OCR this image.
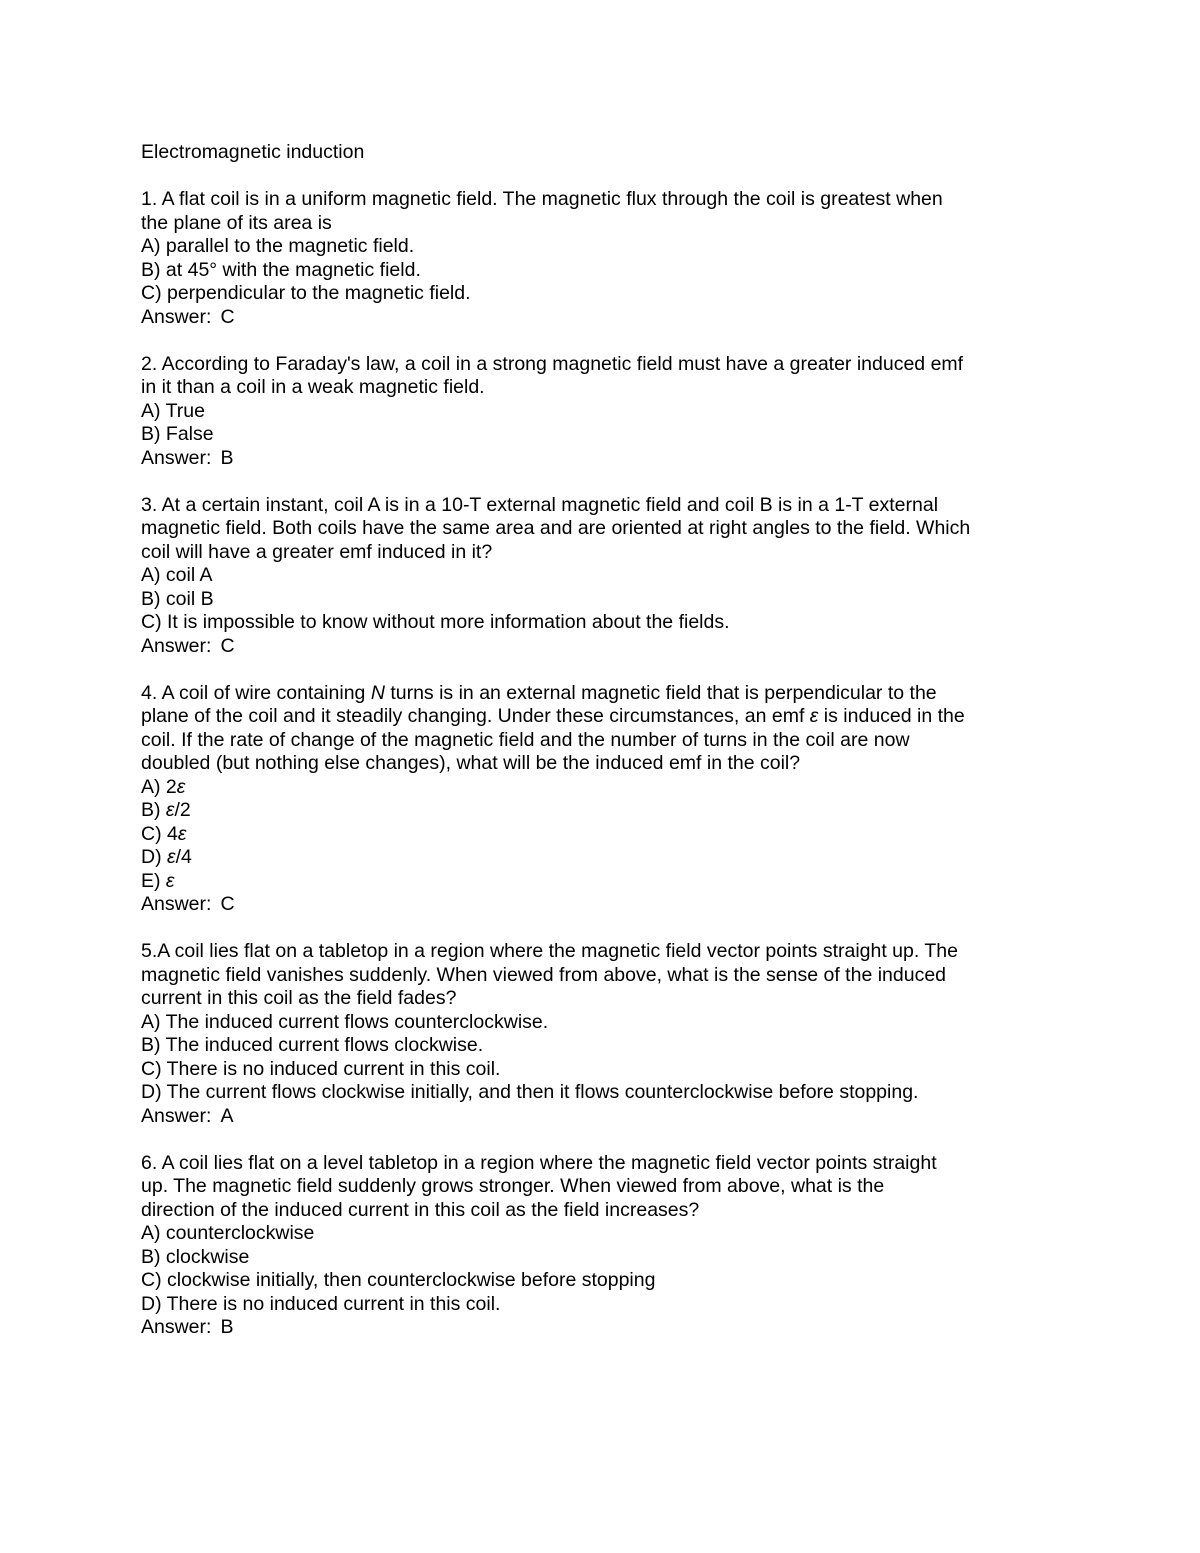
Electromagnetic induction
1. A flat coil is in a uniform magnetic field. The magnetic flux through the coil is greatest when
the plane of its area is
A) parallel to the magnetic field.
B) at 45° with the magnetic field.
C) perpendicular to the magnetic field.
Answer: C
2. According to Faraday's law, a coil in a strong magnetic field must have a greater induced emf
in it than a coil in a weak magnetic field.
A) True
B) False
Answer: B
3. At a certain instant, coil A is in a 10-T external magnetic field and coil B is in a 1-T external
magnetic field. Both coils have the same area and are oriented at right angles to the field. Which
coil will have a greater emf induced in it?
A) coil A
B) coil B
C) It is impossible to know without more information about the fields.
Answer: C
4. A coil of wire containing N turns is in an external magnetic field that is perpendicular to the
plane of the coil and it steadily changing. Under these circumstances, an emf ε is induced in the
coil. If the rate of change of the magnetic field and the number of turns in the coil are now
doubled (but nothing else changes), what will be the induced emf in the coil?
A) 2ε
B) ε/2
C) 4ε
D) ε/4
E) ε
Answer: C
5.A coil lies flat on a tabletop in a region where the magnetic field vector points straight up. The
magnetic field vanishes suddenly. When viewed from above, what is the sense of the induced
current in this coil as the field fades?
A) The induced current flows counterclockwise.
B) The induced current flows clockwise.
C) There is no induced current in this coil.
D) The current flows clockwise initially, and then it flows counterclockwise before stopping.
Answer: A
6. A coil lies flat on a level tabletop in a region where the magnetic field vector points straight
up. The magnetic field suddenly grows stronger. When viewed from above, what is the
direction of the induced current in this coil as the field increases?
A) counterclockwise
B) clockwise
C) clockwise initially, then counterclockwise before stopping
D) There is no induced current in this coil.
Answer: B
